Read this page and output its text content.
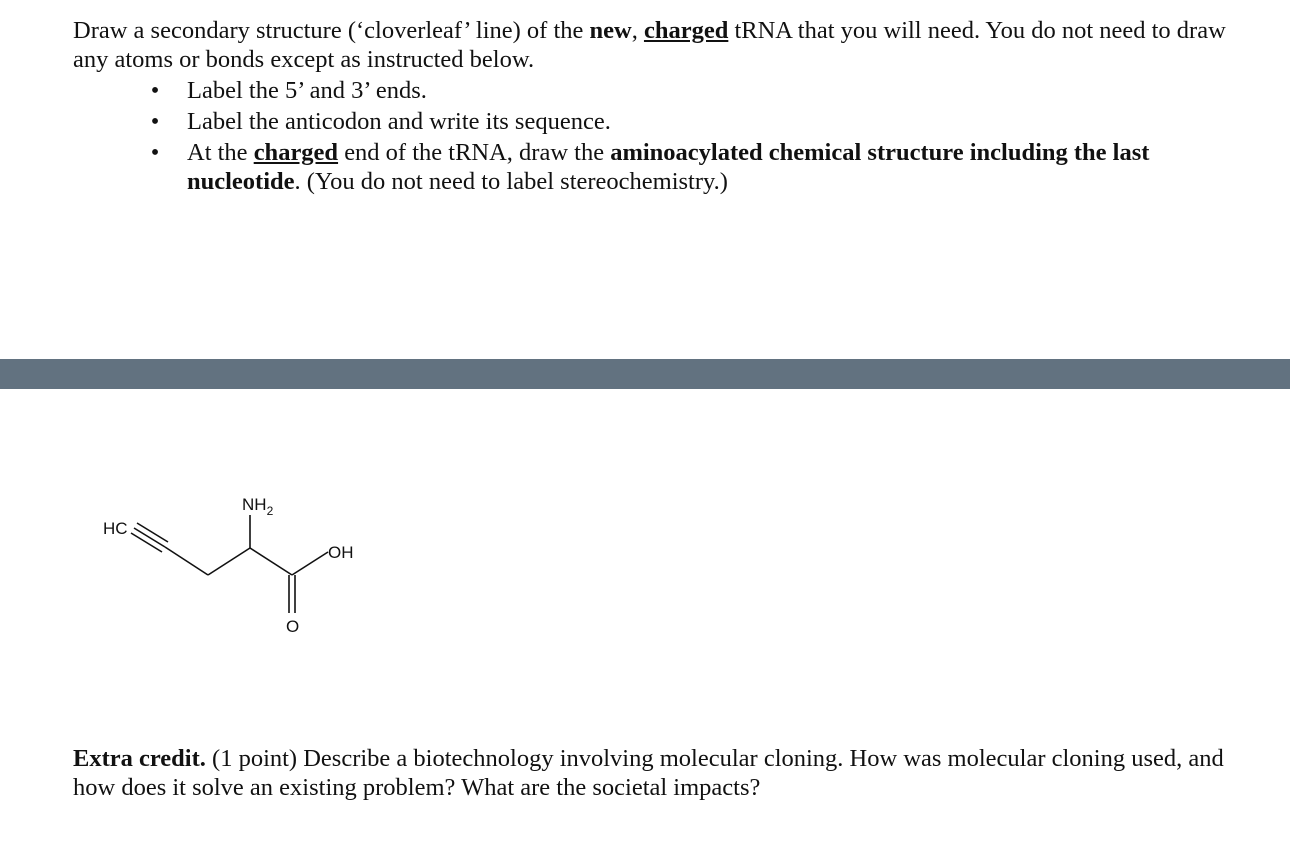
Draw a secondary structure (‘cloverleaf’ line) of the new, charged tRNA that you will need. You do not need to draw any atoms or bonds except as instructed below.

• Label the 5’ and 3’ ends.
• Label the anticodon and write its sequence.
• At the charged end of the tRNA, draw the aminoacylated chemical structure including the last nucleotide. (You do not need to label stereochemistry.)
HC
$NH_2$
OH
O

Extra credit. (1 point) Describe a biotechnology involving molecular cloning. How was molecular cloning used, and how does it solve an existing problem? What are the societal impacts?
